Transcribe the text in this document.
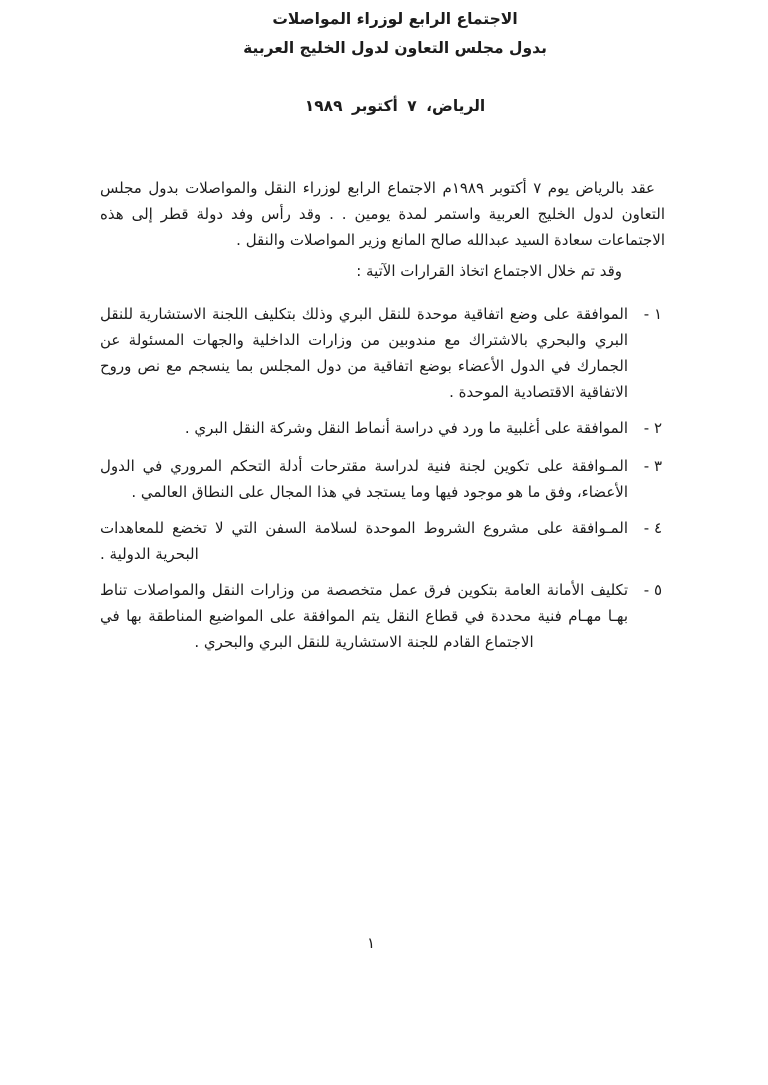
الاجتماع الرابع لوزراء المواصلات
بدول مجلس التعاون لدول الخليج العربية
الرياض، ٧ أكتوبر ١٩٨٩

عقد بالرياض يوم ٧ أكتوبر ١٩٨٩م الاجتماع الرابع لوزراء النقل والمواصلات بدول مجلس التعاون لدول الخليج العربية واستمر لمدة يومين . . وقد رأس وفد دولة قطر إلى هذه الاجتماعات سعادة السيد عبدالله صالح المانع وزير المواصلات والنقل .

وقد تم خلال الاجتماع اتخاذ القرارات الآتية :

١ -
الموافقة على وضع اتفاقية موحدة للنقل البري وذلك بتكليف اللجنة الاستشارية للنقل البري والبحري بالاشتراك مع مندوبين من وزارات الداخلية والجهات المسئولة عن الجمارك في الدول الأعضاء بوضع اتفاقية من دول المجلس بما ينسجم مع نص وروح الاتفاقية الاقتصادية الموحدة .
٢ -
الموافقة على أغلبية ما ورد في دراسة أنماط النقل وشركة النقل البري .
٣ -
المـوافقة على تكوين لجنة فنية لدراسة مقترحات أدلة التحكم المروري في الدول الأعضاء، وفق ما هو موجود فيها وما يستجد في هذا المجال على النطاق العالمي .
٤ -
المـوافقة على مشروع الشروط الموحدة لسلامة السفن التي لا تخضع للمعاهدات البحرية الدولية .
٥ -
تكليف الأمانة العامة بتكوين فرق عمل متخصصة من وزارات النقل والمواصلات تناط بهـا مهـام فنية محددة في قطاع النقل يتم الموافقة على المواضيع المناطقة بها في الاجتماع القادم للجنة الاستشارية للنقل البري والبحري .
١
